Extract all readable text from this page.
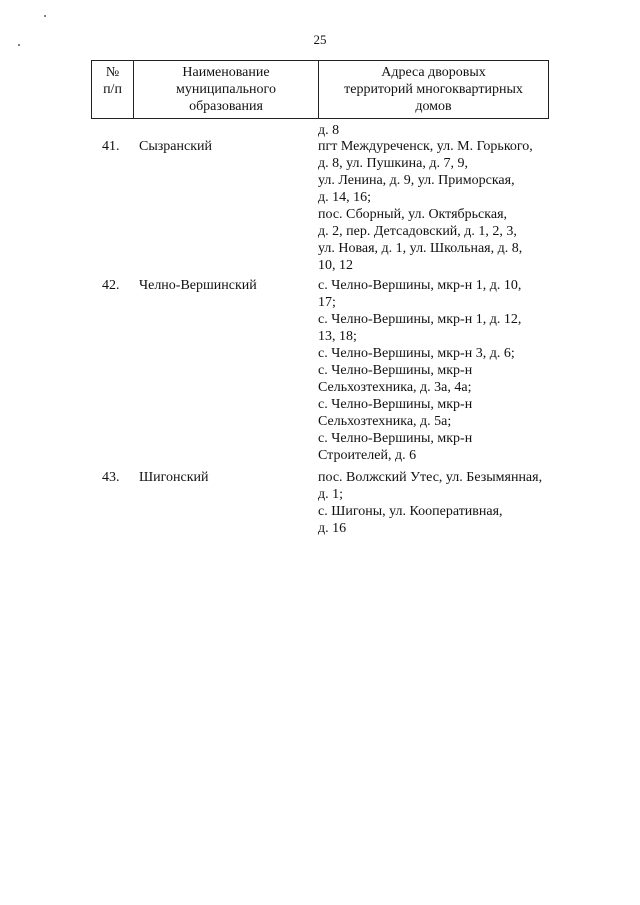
25
№
п/п

Наименование
муниципального
образования

Адреса дворовых
территорий многоквартирных
домов
д. 8
41. Сызранский	пгт Междуреченск, ул. М. Горького,
д. 8, ул. Пушкина, д. 7, 9,
ул. Ленина, д. 9, ул. Приморская,
д. 14, 16;
пос. Сборный, ул. Октябрьская,
д. 2, пер. Детсадовский, д. 1, 2, 3,
ул. Новая, д. 1, ул. Школьная, д. 8,
10, 12
42. Челно-Вершинский	с. Челно-Вершины, мкр-н 1, д. 10,
17;
с. Челно-Вершины, мкр-н 1, д. 12,
13, 18;
с. Челно-Вершины, мкр-н 3, д. 6;
с. Челно-Вершины, мкр-н
Сельхозтехника, д. 3а, 4а;
с. Челно-Вершины, мкр-н
Сельхозтехника, д. 5а;
с. Челно-Вершины, мкр-н
Строителей, д. 6
43. Шигонский	пос. Волжский Утес, ул. Безымянная,
д. 1;
с. Шигоны, ул. Кооперативная,
д. 16
